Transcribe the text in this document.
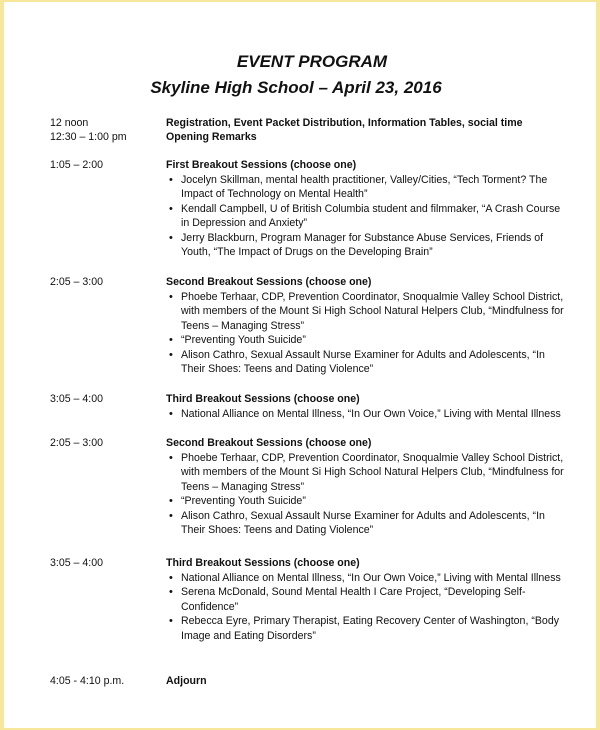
EVENT PROGRAM
Skyline High School – April 23, 2016
12 noon	Registration, Event Packet Distribution, Information Tables, social time
12:30 – 1:00 pm	Opening Remarks
1:05 – 2:00	First Breakout Sessions (choose one)
• Jocelyn Skillman, mental health practitioner, Valley/Cities, “Tech Torment? The Impact of Technology on Mental Health”
• Kendall Campbell, U of British Columbia student and filmmaker, “A Crash Course in Depression and Anxiety”
• Jerry Blackburn, Program Manager for Substance Abuse Services, Friends of Youth, “The Impact of Drugs on the Developing Brain”
2:05 – 3:00	Second Breakout Sessions (choose one)
• Phoebe Terhaar, CDP, Prevention Coordinator, Snoqualmie Valley School District, with members of the Mount Si High School Natural Helpers Club, “Mindfulness for Teens – Managing Stress”
• “Preventing Youth Suicide”
• Alison Cathro, Sexual Assault Nurse Examiner for Adults and Adolescents, “In Their Shoes: Teens and Dating Violence”
3:05 – 4:00	Third Breakout Sessions (choose one)
• National Alliance on Mental Illness, “In Our Own Voice,” Living with Mental Illness
2:05 – 3:00	Second Breakout Sessions (choose one)
• Phoebe Terhaar, CDP, Prevention Coordinator, Snoqualmie Valley School District, with members of the Mount Si High School Natural Helpers Club, “Mindfulness for Teens – Managing Stress”
• “Preventing Youth Suicide”
• Alison Cathro, Sexual Assault Nurse Examiner for Adults and Adolescents, “In Their Shoes: Teens and Dating Violence”
3:05 – 4:00	Third Breakout Sessions (choose one)
• National Alliance on Mental Illness, “In Our Own Voice,” Living with Mental Illness
• Serena McDonald, Sound Mental Health I Care Project, “Developing Self-Confidence”
• Rebecca Eyre, Primary Therapist, Eating Recovery Center of Washington, “Body Image and Eating Disorders”
4:05 - 4:10 p.m.	Adjourn
